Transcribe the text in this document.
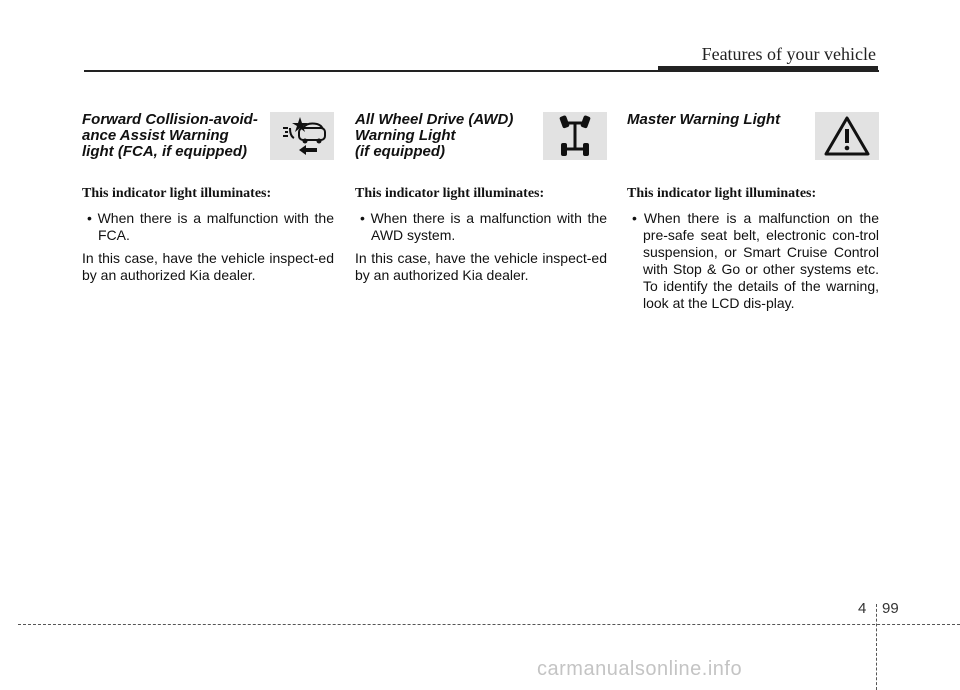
Features of your vehicle
Forward Collision-avoid-
ance Assist Warning
light (FCA, if equipped)

This indicator light illuminates:

• When there is a malfunction with the FCA.

In this case, have the vehicle inspect-ed by an authorized Kia dealer.

All Wheel Drive (AWD)
Warning Light
(if equipped)

This indicator light illuminates:

• When there is a malfunction with the AWD system.

In this case, have the vehicle inspect-ed by an authorized Kia dealer.

Master Warning Light

This indicator light illuminates:

• When there is a malfunction on the pre-safe seat belt, electronic con-trol suspension, or Smart Cruise Control with Stop & Go or other systems etc. To identify the details of the warning, look at the LCD dis-play.

4 99
carmanualsonline.info
